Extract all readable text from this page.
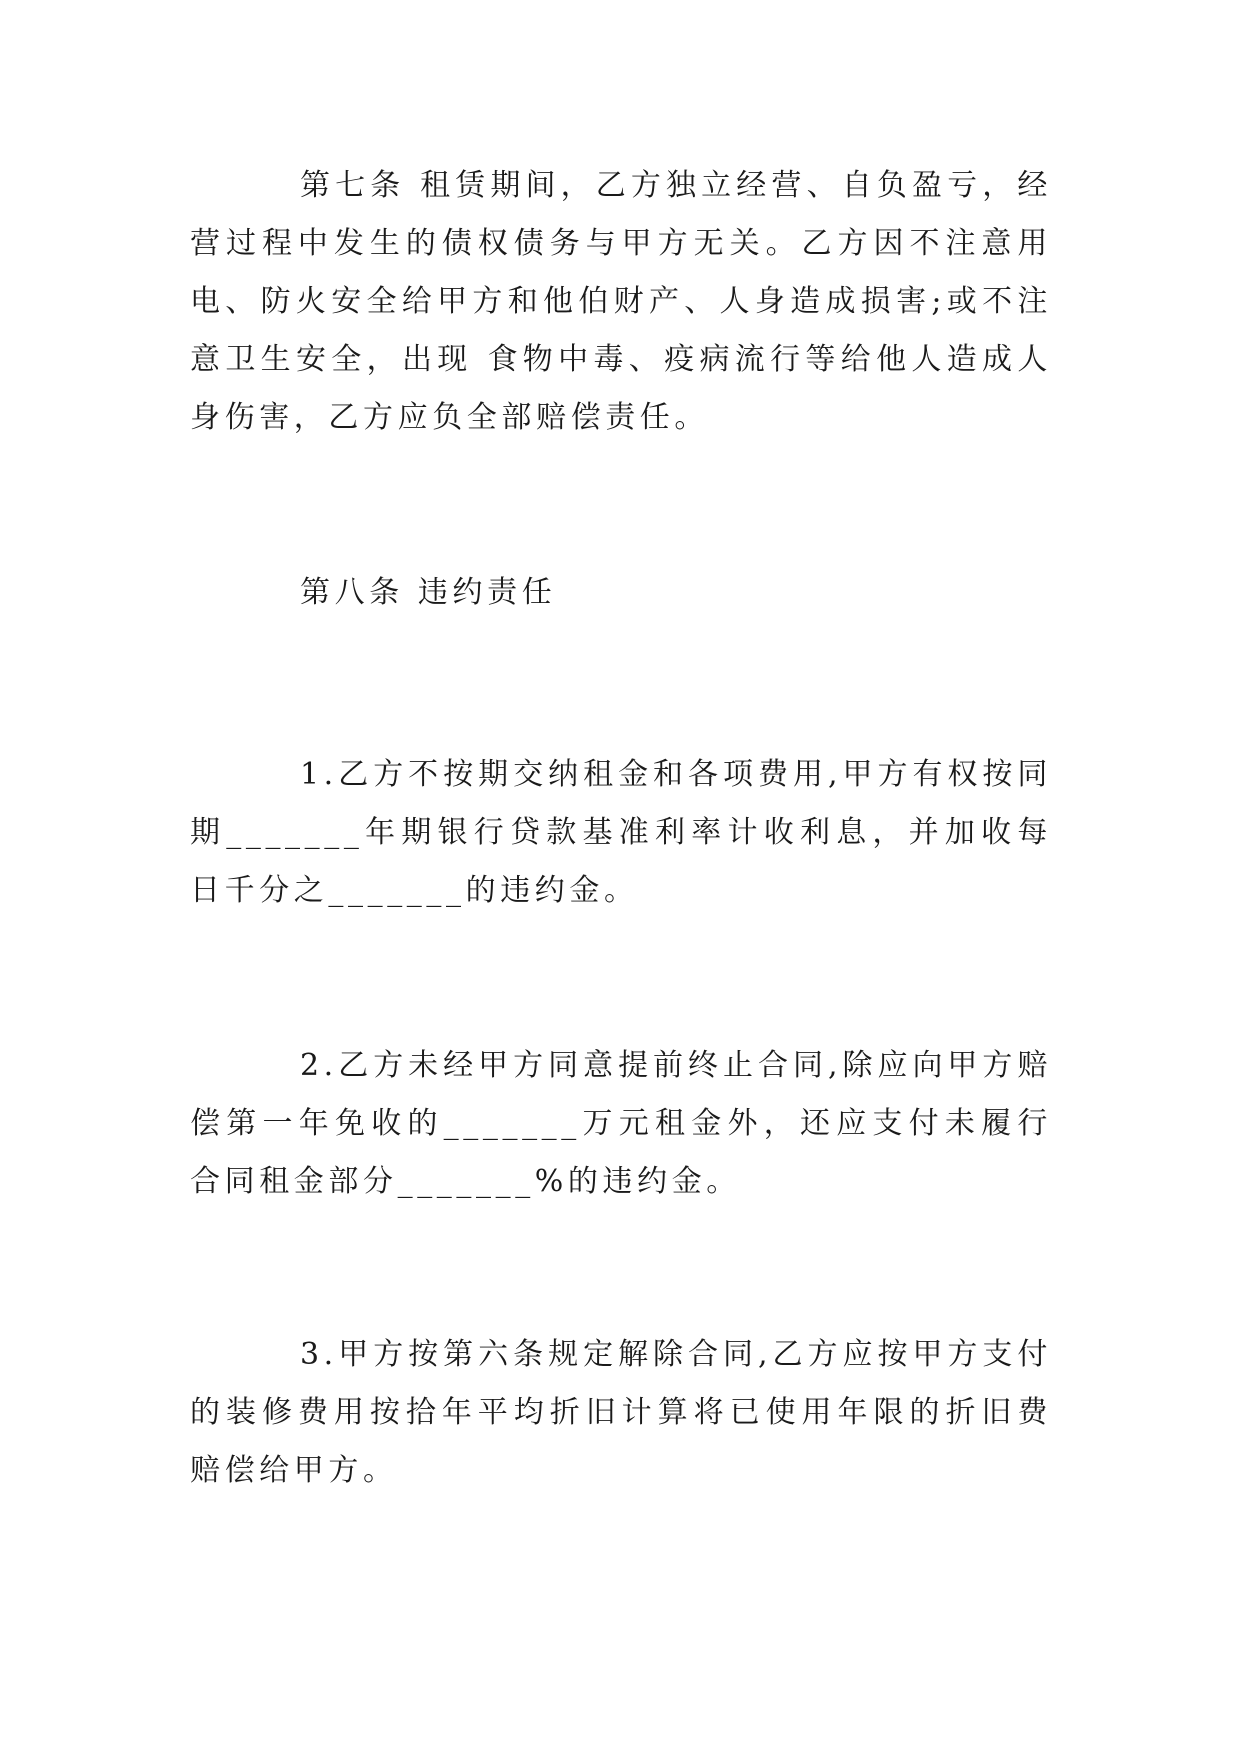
第七条 租赁期间，乙方独立经营、自负盈亏，经营过程中发生的债权债务与甲方无关。乙方因不注意用电、防火安全给甲方和他伯财产、人身造成损害;或不注意卫生安全，出现 食物中毒、疫病流行等给他人造成人身伤害，乙方应负全部赔偿责任。

第八条 违约责任

1.乙方不按期交纳租金和各项费用,甲方有权按同期_______年期银行贷款基准利率计收利息，并加收每日千分之_______的违约金。

2.乙方未经甲方同意提前终止合同,除应向甲方赔偿第一年免收的_______万元租金外，还应支付未履行合同租金部分_______%的违约金。

3.甲方按第六条规定解除合同,乙方应按甲方支付的装修费用按拾年平均折旧计算将已使用年限的折旧费赔偿给甲方。
